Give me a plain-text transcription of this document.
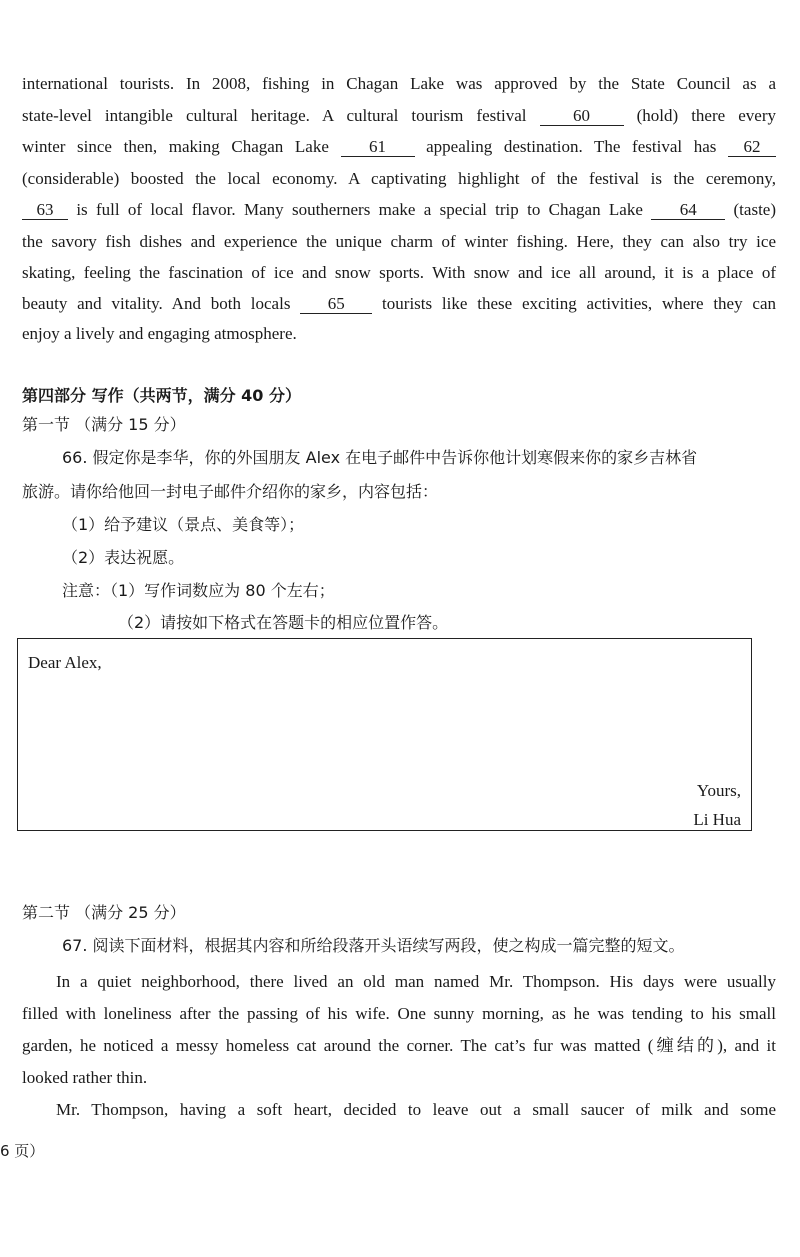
international tourists. In 2008, fishing in Chagan Lake was approved by the State Council as a
state-level intangible cultural heritage. A cultural tourism festival 60 (hold) there every
winter since then, making Chagan Lake 61 appealing destination. The festival has 62
(considerable) boosted the local economy. A captivating highlight of the festival is the ceremony,
63 is full of local flavor. Many southerners make a special trip to Chagan Lake 64 (taste)
the savory fish dishes and experience the unique charm of winter fishing. Here, they can also try ice
skating, feeling the fascination of ice and snow sports. With snow and ice all around, it is a place of
beauty and vitality. And both locals 65 tourists like these exciting activities, where they can
enjoy a lively and engaging atmosphere.
第四部分 写作（共两节，满分 40 分）
第一节 （满分 15 分）
66. 假定你是李华，你的外国朋友 Alex 在电子邮件中告诉你他计划寒假来你的家乡吉林省
旅游。请你给他回一封电子邮件介绍你的家乡，内容包括：
（1）给予建议（景点、美食等）；
（2）表达祝愿。
注意：（1）写作词数应为 80 个左右；
（2）请按如下格式在答题卡的相应位置作答。
Dear Alex,
Yours,
Li Hua
第二节 （满分 25 分）
67. 阅读下面材料，根据其内容和所给段落开头语续写两段，使之构成一篇完整的短文。
In a quiet neighborhood, there lived an old man named Mr. Thompson. His days were usually
filled with loneliness after the passing of his wife. One sunny morning, as he was tending to his small
garden, he noticed a messy homeless cat around the corner. The cat’s fur was matted (缠结的), and it
looked rather thin.
Mr. Thompson, having a soft heart, decided to leave out a small saucer of milk and some
6 页）
